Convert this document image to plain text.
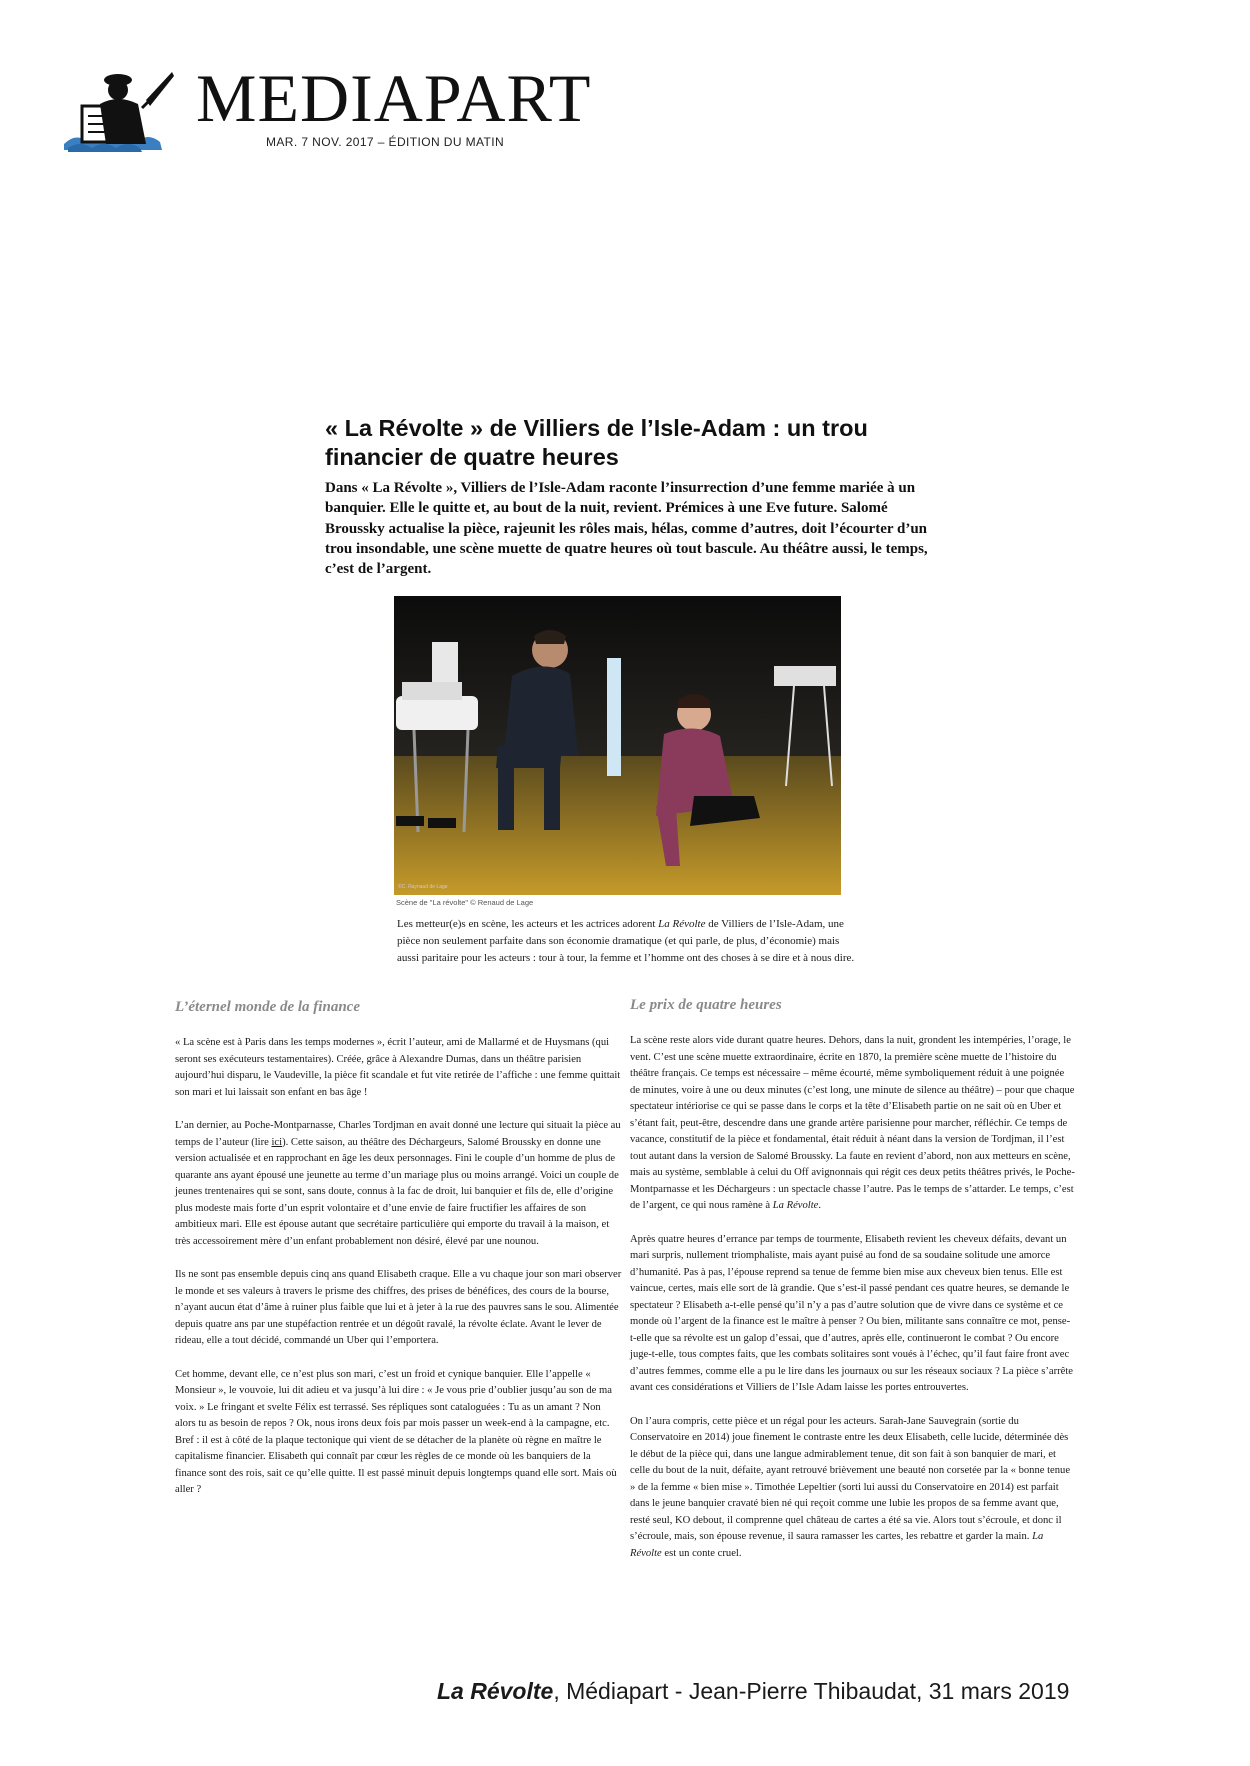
MEDIAPART
MAR. 7 NOV. 2017 – ÉDITION DU MATIN
« La Révolte » de Villiers de l’Isle-Adam : un trou financier de quatre heures

Dans « La Révolte », Villiers de l’Isle-Adam raconte l’insurrection d’une femme mariée à un banquier. Elle le quitte et, au bout de la nuit, revient. Prémices à une Eve future. Salomé Broussky actualise la pièce, rajeunit les rôles mais, hélas, comme d’autres, doit l’écourter d’un trou insondable, une scène muette de quatre heures où tout bascule. Au théâtre aussi, le temps, c’est de l’argent.

©C. Raynaud de Lage
Scène de "La révolte" © Renaud de Lage

Les metteur(e)s en scène, les acteurs et les actrices adorent La Révolte de Villiers de l’Isle-Adam, une pièce non seulement parfaite dans son économie dramatique (et qui parle, de plus, d’économie) mais aussi paritaire pour les acteurs : tour à tour, la femme et l’homme ont des choses à se dire et à nous dire.

L’éternel monde de la finance	Le prix de quatre heures

« La scène est à Paris dans les temps modernes », écrit l’auteur, ami de Mallarmé et de Huysmans (qui seront ses exécuteurs testamentaires). Créée, grâce à Alexandre Dumas, dans un théâtre parisien aujourd’hui disparu, le Vaudeville, la pièce fit scandale et fut vite retirée de l’affiche : une femme quittait son mari et lui laissait son enfant en bas âge !

L’an dernier, au Poche-Montparnasse, Charles Tordjman en avait donné une lecture qui situait la pièce au temps de l’auteur (lire ici). Cette saison, au théâtre des Déchargeurs, Salomé Broussky en donne une version actualisée et en rapprochant en âge les deux personnages. Fini le couple d’un homme de plus de quarante ans ayant épousé une jeunette au terme d’un mariage plus ou moins arrangé. Voici un couple de jeunes trentenaires qui se sont, sans doute, connus à la fac de droit, lui banquier et fils de, elle d’origine plus modeste mais forte d’un esprit volontaire et d’une envie de faire fructifier les affaires de son ambitieux mari. Elle est épouse autant que secrétaire particulière qui emporte du travail à la maison, et très accessoirement mère d’un enfant probablement non désiré, élevé par une nounou.

Ils ne sont pas ensemble depuis cinq ans quand Elisabeth craque. Elle a vu chaque jour son mari observer le monde et ses valeurs à travers le prisme des chiffres, des prises de bénéfices, des cours de la bourse, n’ayant aucun état d’âme à ruiner plus faible que lui et à jeter à la rue des pauvres sans le sou. Alimentée depuis quatre ans par une stupéfaction rentrée et un dégoût ravalé, la révolte éclate. Avant le lever de rideau, elle a tout décidé, commandé un Uber qui l’emportera.

Cet homme, devant elle, ce n’est plus son mari, c’est un froid et cynique banquier. Elle l’appelle « Monsieur », le vouvoie, lui dit adieu et va jusqu’à lui dire : « Je vous prie d’oublier jusqu’au son de ma voix. » Le fringant et svelte Félix est terrassé. Ses répliques sont cataloguées : Tu as un amant ? Non alors tu as besoin de repos ? Ok, nous irons deux fois par mois passer un week-end à la campagne, etc. Bref : il est à côté de la plaque tectonique qui vient de se détacher de la planète où règne en maître le capitalisme financier. Elisabeth qui connaît par cœur les règles de ce monde où les banquiers de la finance sont des rois, sait ce qu’elle quitte. Il est passé minuit depuis longtemps quand elle sort. Mais où aller ?

La scène reste alors vide durant quatre heures. Dehors, dans la nuit, grondent les intempéries, l’orage, le vent. C’est une scène muette extraordinaire, écrite en 1870, la première scène muette de l’histoire du théâtre français. Ce temps est nécessaire – même écourté, même symboliquement réduit à une poignée de minutes, voire à une ou deux minutes (c’est long, une minute de silence au théâtre) – pour que chaque spectateur intériorise ce qui se passe dans le corps et la tête d’Elisabeth partie on ne sait où en Uber et s’étant fait, peut-être, descendre dans une grande artère parisienne pour marcher, réfléchir. Ce temps de vacance, constitutif de la pièce et fondamental, était réduit à néant dans la version de Tordjman, il l’est tout autant dans la version de Salomé Broussky. La faute en revient d’abord, non aux metteurs en scène, mais au système, semblable à celui du Off avignonnais qui régit ces deux petits théâtres privés, le Poche-Montparnasse et les Déchargeurs : un spectacle chasse l’autre. Pas le temps de s’attarder. Le temps, c’est de l’argent, ce qui nous ramène à La Révolte.

Après quatre heures d’errance par temps de tourmente, Elisabeth revient les cheveux défaits, devant un mari surpris, nullement triomphaliste, mais ayant puisé au fond de sa soudaine solitude une amorce d’humanité. Pas à pas, l’épouse reprend sa tenue de femme bien mise aux cheveux bien tenus. Elle est vaincue, certes, mais elle sort de là grandie. Que s’est-il passé pendant ces quatre heures, se demande le spectateur ? Elisabeth a-t-elle pensé qu’il n’y a pas d’autre solution que de vivre dans ce système et ce monde où l’argent de la finance est le maître à penser ? Ou bien, militante sans connaître ce mot, pense-t-elle que sa révolte est un galop d’essai, que d’autres, après elle, continueront le combat ? Ou encore juge-t-elle, tous comptes faits, que les combats solitaires sont voués à l’échec, qu’il faut faire front avec d’autres femmes, comme elle a pu le lire dans les journaux ou sur les réseaux sociaux ? La pièce s’arrête avant ces considérations et Villiers de l’Isle Adam laisse les portes entrouvertes.

On l’aura compris, cette pièce et un régal pour les acteurs. Sarah-Jane Sauvegrain (sortie du Conservatoire en 2014) joue finement le contraste entre les deux Elisabeth, celle lucide, déterminée dès le début de la pièce qui, dans une langue admirablement tenue, dit son fait à son banquier de mari, et celle du bout de la nuit, défaite, ayant retrouvé brièvement une beauté non corsetée par la « bonne tenue » de la femme « bien mise ». Timothée Lepeltier (sorti lui aussi du Conservatoire en 2014) est parfait dans le jeune banquier cravaté bien né qui reçoit comme une lubie les propos de sa femme avant que, resté seul, KO debout, il comprenne quel château de cartes a été sa vie. Alors tout s’écroule, et donc il s’écroule, mais, son épouse revenue, il saura ramasser les cartes, les rebattre et garder la main. La Révolte est un conte cruel.

La Révolte, Médiapart - Jean-Pierre Thibaudat, 31 mars 2019
